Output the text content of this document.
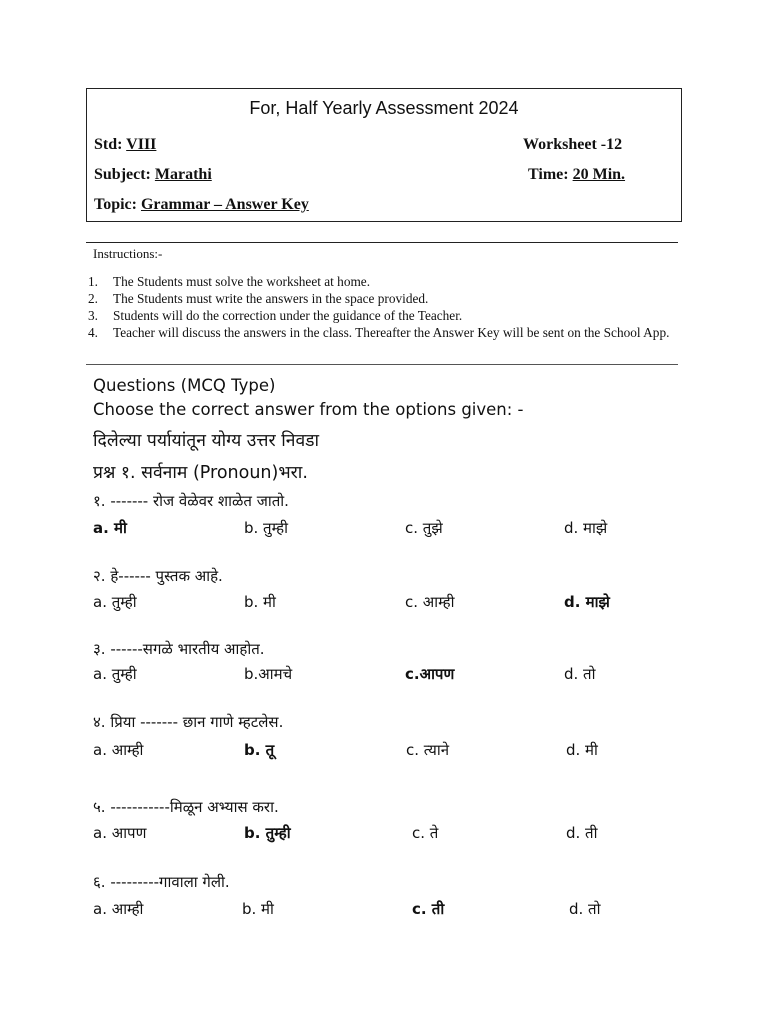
For, Half Yearly Assessment 2024
Std: VIII
Subject: Marathi
Topic: Grammar – Answer Key
Worksheet -12
Time: 20 Min.
Instructions:-
1. The Students must solve the worksheet at home.
2. The Students must write the answers in the space provided.
3. Students will do the correction under the guidance of the Teacher.
4. Teacher will discuss the answers in the class. Thereafter the Answer Key will be sent on the School App.
Questions (MCQ Type)
Choose the correct answer from the options given: -
दिलेल्या पर्यायांतून योग्य उत्तर निवडा
प्रश्न १. सर्वनाम (Pronoun)भरा.
१. ------- रोज वेळेवर शाळेत जातो.
a. मी	b. तुम्ही	c. तुझे	d. माझे
२. हे------ पुस्तक आहे.
a. तुम्ही	b. मी	c. आम्ही	d. माझे
३. ------सगळे भारतीय आहोत.
a. तुम्ही	b.आमचे	c.आपण	d. तो
४. प्रिया ------- छान गाणे म्हटलेस.
a. आम्ही	b. तू	c. त्याने	d. मी
५. -----------मिळून अभ्यास करा.
a. आपण	b. तुम्ही	c. ते	d. ती
६. ---------गावाला गेली.
a. आम्ही	b. मी	c. ती	d. तो
